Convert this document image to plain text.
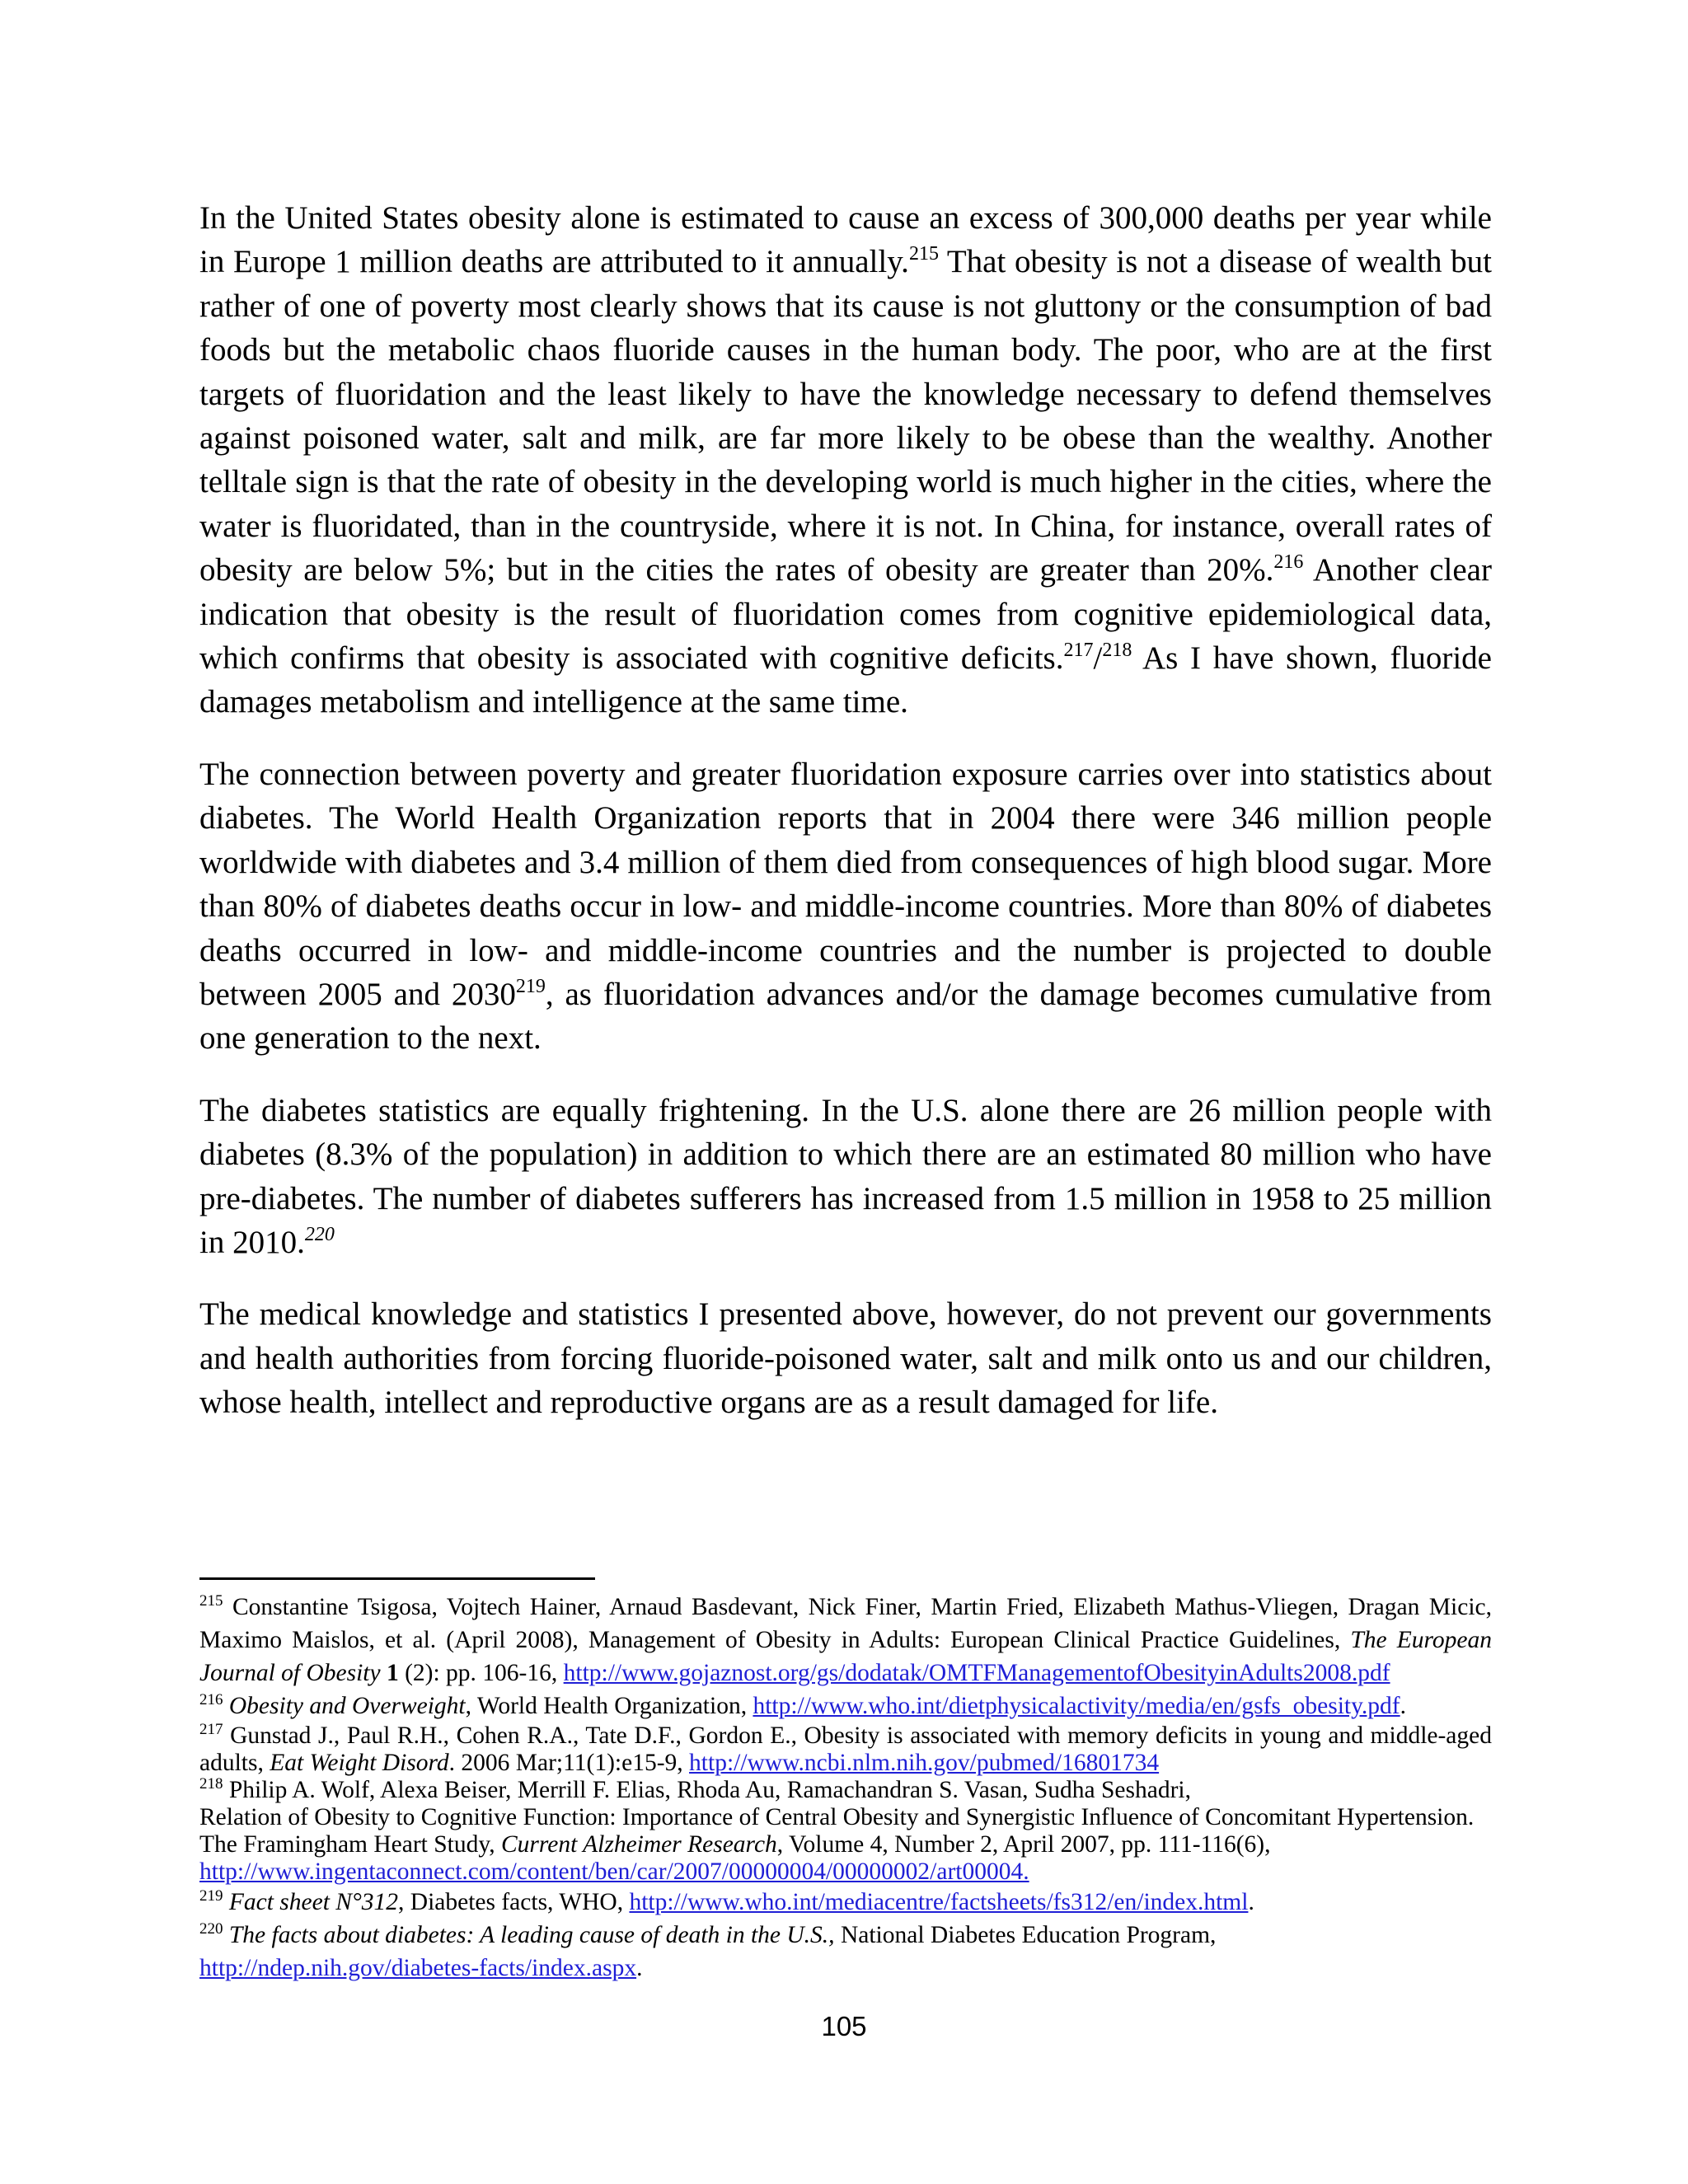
In the United States obesity alone is estimated to cause an excess of 300,000 deaths per year while in Europe 1 million deaths are attributed to it annually.$^{215}$ That obesity is not a disease of wealth but rather of one of poverty most clearly shows that its cause is not gluttony or the consumption of bad foods but the metabolic chaos fluoride causes in the human body. The poor, who are at the first targets of fluoridation and the least likely to have the knowledge necessary to defend themselves against poisoned water, salt and milk, are far more likely to be obese than the wealthy. Another telltale sign is that the rate of obesity in the developing world is much higher in the cities, where the water is fluoridated, than in the countryside, where it is not. In China, for instance, overall rates of obesity are below 5%; but in the cities the rates of obesity are greater than 20%.$^{216}$ Another clear indication that obesity is the result of fluoridation comes from cognitive epidemiological data, which confirms that obesity is associated with cognitive deficits.$^{217}$/$^{218}$ As I have shown, fluoride damages metabolism and intelligence at the same time.

The connection between poverty and greater fluoridation exposure carries over into statistics about diabetes. The World Health Organization reports that in 2004 there were 346 million people worldwide with diabetes and 3.4 million of them died from consequences of high blood sugar. More than 80% of diabetes deaths occur in low- and middle-income countries. More than 80% of diabetes deaths occurred in low- and middle-income countries and the number is projected to double between 2005 and 2030$^{219}$, as fluoridation advances and/or the damage becomes cumulative from one generation to the next.

The diabetes statistics are equally frightening. In the U.S. alone there are 26 million people with diabetes (8.3% of the population) in addition to which there are an estimated 80 million who have pre-diabetes. The number of diabetes sufferers has increased from 1.5 million in 1958 to 25 million in 2010.$^{220}$

The medical knowledge and statistics I presented above, however, do not prevent our governments and health authorities from forcing fluoride-poisoned water, salt and milk onto us and our children, whose health, intellect and reproductive organs are as a result damaged for life.

$^{215}$ Constantine Tsigosa, Vojtech Hainer, Arnaud Basdevant, Nick Finer, Martin Fried, Elizabeth Mathus-Vliegen, Dragan Micic, Maximo Maislos, et al. (April 2008), Management of Obesity in Adults: European Clinical Practice Guidelines, The European Journal of Obesity 1 (2): pp. 106-16, http://www.gojaznost.org/gs/dodatak/OMTFManagementofObesityinAdults2008.pdf

$^{216}$ Obesity and Overweight, World Health Organization, http://www.who.int/dietphysicalactivity/media/en/gsfs_obesity.pdf.

$^{217}$ Gunstad J., Paul R.H., Cohen R.A., Tate D.F., Gordon E., Obesity is associated with memory deficits in young and middle-aged adults, Eat Weight Disord. 2006 Mar;11(1):e15-9, http://www.ncbi.nlm.nih.gov/pubmed/16801734

$^{218}$ Philip A. Wolf, Alexa Beiser, Merrill F. Elias, Rhoda Au, Ramachandran S. Vasan, Sudha Seshadri,
Relation of Obesity to Cognitive Function: Importance of Central Obesity and Synergistic Influence of Concomitant Hypertension. The Framingham Heart Study, Current Alzheimer Research, Volume 4, Number 2, April 2007, pp. 111-116(6), http://www.ingentaconnect.com/content/ben/car/2007/00000004/00000002/art00004.

$^{219}$ Fact sheet N°312, Diabetes facts, WHO, http://www.who.int/mediacentre/factsheets/fs312/en/index.html.

$^{220}$ The facts about diabetes: A leading cause of death in the U.S., National Diabetes Education Program,
http://ndep.nih.gov/diabetes-facts/index.aspx.

105
